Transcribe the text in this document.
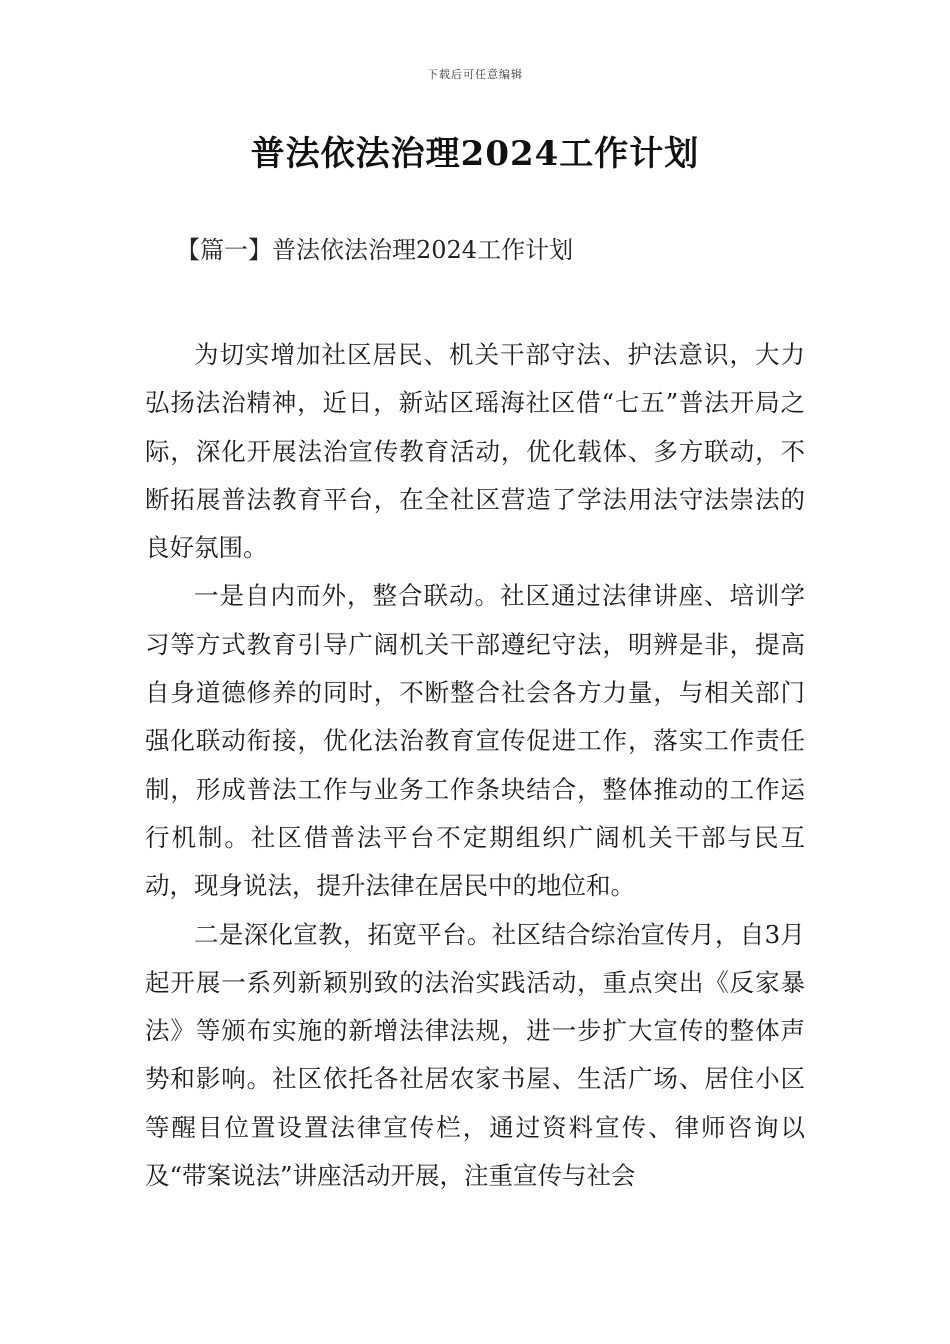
下载后可任意编辑
普法依法治理2024工作计划
【篇一】普法依法治理2024工作计划

为切实增加社区居民、机关干部守法、护法意识，大力弘扬法治精神，近日，新站区瑶海社区借“七五”普法开局之际，深化开展法治宣传教育活动，优化载体、多方联动，不断拓展普法教育平台，在全社区营造了学法用法守法崇法的良好氛围。

一是自内而外，整合联动。社区通过法律讲座、培训学习等方式教育引导广阔机关干部遵纪守法，明辨是非，提高自身道德修养的同时，不断整合社会各方力量，与相关部门强化联动衔接，优化法治教育宣传促进工作，落实工作责任制，形成普法工作与业务工作条块结合，整体推动的工作运行机制。社区借普法平台不定期组织广阔机关干部与民互动，现身说法，提升法律在居民中的地位和。

二是深化宣教，拓宽平台。社区结合综治宣传月，自3月起开展一系列新颖别致的法治实践活动，重点突出《反家暴法》等颁布实施的新增法律法规，进一步扩大宣传的整体声势和影响。社区依托各社居农家书屋、生活广场、居住小区等醒目位置设置法律宣传栏，通过资料宣传、律师咨询以及“带案说法”讲座活动开展，注重宣传与社会
